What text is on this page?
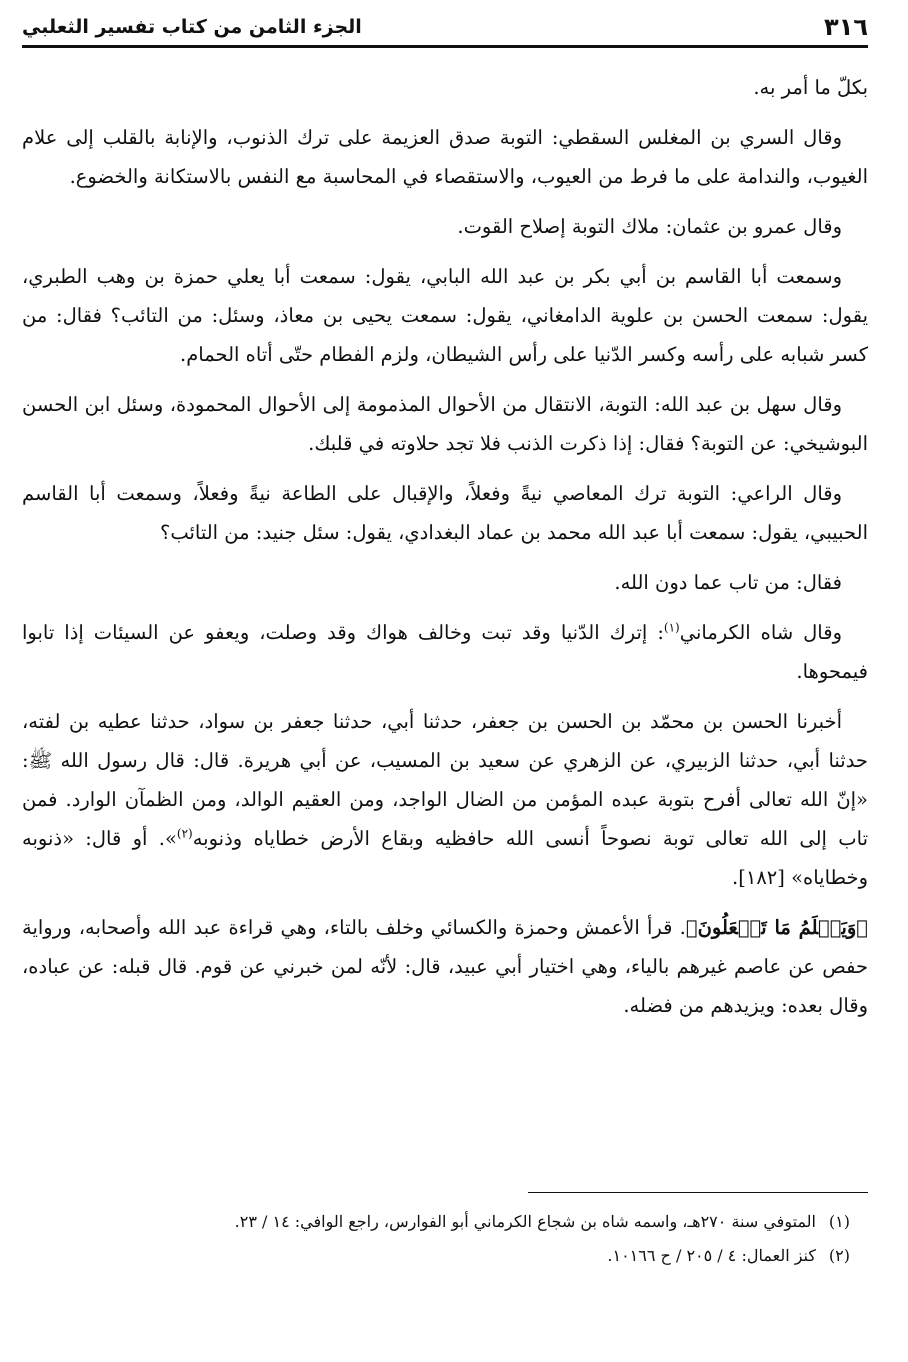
٣١٦
الجزء الثامن من كتاب تفسير الثعلبي

بكلّ ما أمر به.

وقال السري بن المغلس السقطي: التوبة صدق العزيمة على ترك الذنوب، والإنابة بالقلب إلى علام الغيوب، والندامة على ما فرط من العيوب، والاستقصاء في المحاسبة مع النفس بالاستكانة والخضوع.

وقال عمرو بن عثمان: ملاك التوبة إصلاح القوت.

وسمعت أبا القاسم بن أبي بكر بن عبد الله البابي، يقول: سمعت أبا يعلي حمزة بن وهب الطبري، يقول: سمعت الحسن بن علوية الدامغاني، يقول: سمعت يحيى بن معاذ، وسئل: من التائب؟ فقال: من كسر شبابه على رأسه وكسر الدّنيا على رأس الشيطان، ولزم الفطام حتّى أتاه الحمام.

وقال سهل بن عبد الله: التوبة، الانتقال من الأحوال المذمومة إلى الأحوال المحمودة، وسئل ابن الحسن البوشيخي: عن التوبة؟ فقال: إذا ذكرت الذنب فلا تجد حلاوته في قلبك.

وقال الراعي: التوبة ترك المعاصي نيةً وفعلاً، والإقبال على الطاعة نيةً وفعلاً، وسمعت أبا القاسم الحبيبي، يقول: سمعت أبا عبد الله محمد بن عماد البغدادي، يقول: سئل جنيد: من التائب؟

فقال: من تاب عما دون الله.

وقال شاه الكرماني$^{(١)}$: إترك الدّنيا وقد تبت وخالف هواك وقد وصلت، ويعفو عن السيئات إذا تابوا فيمحوها.

أخبرنا الحسن بن محمّد بن الحسن بن جعفر، حدثنا أبي، حدثنا جعفر بن سواد، حدثنا عطيه بن لفته، حدثنا أبي، حدثنا الزبيري، عن الزهري عن سعيد بن المسيب، عن أبي هريرة. قال: قال رسول الله ﷺ: «إنّ الله تعالى أفرح بتوبة عبده المؤمن من الضال الواجد، ومن العقيم الوالد، ومن الظمآن الوارد. فمن تاب إلى الله تعالى توبة نصوحاً أنسى الله حافظيه وبقاع الأرض خطاياه وذنوبه$^{(٢)}$». أو قال: «ذنوبه وخطاياه» [١٨٢].

﴿وَيَعۡلَمُ مَا تَفۡعَلُونَ﴾. قرأ الأعمش وحمزة والكسائي وخلف بالتاء، وهي قراءة عبد الله وأصحابه، ورواية حفص عن عاصم غيرهم بالياء، وهي اختيار أبي عبيد، قال: لأنّه لمن خبرني عن قوم. قال قبله: عن عباده، وقال بعده: ويزيدهم من فضله.

(١)المتوفي سنة ٢٧٠هـ، واسمه شاه بن شجاع الكرماني أبو الفوارس، راجع الوافي: ١٤ / ٢٣.

(٢)كنز العمال: ٤ / ٢٠٥ / ح ١٠١٦٦.
